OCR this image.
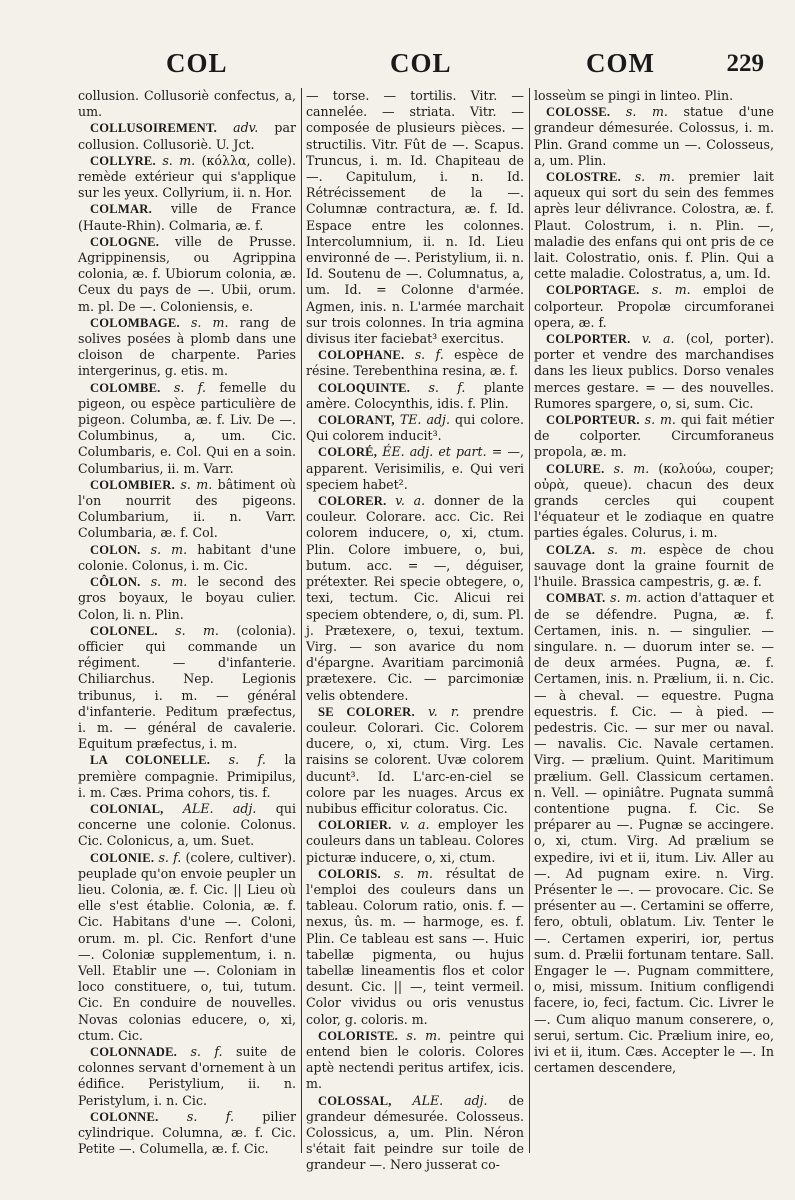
COL	COL	COM	229

collusion. Collusoriè confectus, a, um.

COLLUSOIREMENT. adv. par collusion. Collusoriè. U. Jct.

COLLYRE. s. m. (κόλλα, colle). remède extérieur qui s'applique sur les yeux. Collyrium, ii. n. Hor.

COLMAR. ville de France (Haute-Rhin). Colmaria, æ. f.

COLOGNE. ville de Prusse. Agrippinensis, ou Agrippina colonia, æ. f. Ubiorum colonia, æ. Ceux du pays de —. Ubii, orum. m. pl. De —. Coloniensis, e.

COLOMBAGE. s. m. rang de solives posées à plomb dans une cloison de charpente. Paries intergerinus, g. etis. m.

COLOMBE. s. f. femelle du pigeon, ou espèce particulière de pigeon. Columba, æ. f. Liv. De —. Columbinus, a, um. Cic. Columbaris, e. Col. Qui en a soin. Columbarius, ii. m. Varr.

COLOMBIER. s. m. bâtiment où l'on nourrit des pigeons. Columbarium, ii. n. Varr. Columbaria, æ. f. Col.

COLON. s. m. habitant d'une colonie. Colonus, i. m. Cic.

CÔLON. s. m. le second des gros boyaux, le boyau culier. Colon, li. n. Plin.

COLONEL. s. m. (colonia). officier qui commande un régiment. — d'infanterie. Chiliarchus. Nep. Legionis tribunus, i. m. — général d'infanterie. Peditum præfectus, i. m. — général de cavalerie. Equitum præfectus, i. m.

LA COLONELLE. s. f. la première compagnie. Primipilus, i. m. Cæs. Prima cohors, tis. f.

COLONIAL, ALE. adj. qui concerne une colonie. Colonus. Cic. Colonicus, a, um. Suet.

COLONIE. s. f. (colere, cultiver). peuplade qu'on envoie peupler un lieu. Colonia, æ. f. Cic. || Lieu où elle s'est établie. Colonia, æ. f. Cic. Habitans d'une —. Coloni, orum. m. pl. Cic. Renfort d'une —. Coloniæ supplementum, i. n. Vell. Etablir une —. Coloniam in loco constituere, o, tui, tutum. Cic. En conduire de nouvelles. Novas colonias educere, o, xi, ctum. Cic.

COLONNADE. s. f. suite de colonnes servant d'ornement à un édifice. Peristylium, ii. n. Peristylum, i. n. Cic.

COLONNE. s. f. pilier cylindrique. Columna, æ. f. Cic. Petite —. Columella, æ. f. Cic.

— torse. — tortilis. Vitr. — cannelée. — striata. Vitr. — composée de plusieurs pièces. — structilis. Vitr. Fût de —. Scapus. Truncus, i. m. Id. Chapiteau de —. Capitulum, i. n. Id. Rétrécissement de la —. Columnæ contractura, æ. f. Id. Espace entre les colonnes. Intercolumnium, ii. n. Id. Lieu environné de —. Peristylium, ii. n. Id. Soutenu de —. Columnatus, a, um. Id. = Colonne d'armée. Agmen, inis. n. L'armée marchait sur trois colonnes. In tria agmina divisus iter faciebat³ exercitus.

COLOPHANE. s. f. espèce de résine. Terebenthina resina, æ. f.

COLOQUINTE. s. f. plante amère. Colocynthis, idis. f. Plin.

COLORANT, TE. adj. qui colore. Qui colorem inducit³.

COLORÉ, ÉE. adj. et part. = —, apparent. Verisimilis, e. Qui veri speciem habet².

COLORER. v. a. donner de la couleur. Colorare. acc. Cic. Rei colorem inducere, o, xi, ctum. Plin. Colore imbuere, o, bui, butum. acc. = —, déguiser, prétexter. Rei specie obtegere, o, texi, tectum. Cic. Alicui rei speciem obtendere, o, di, sum. Pl. j. Prætexere, o, texui, textum. Virg. — son avarice du nom d'épargne. Avaritiam parcimoniâ prætexere. Cic. — parcimoniæ velis obtendere.

SE COLORER. v. r. prendre couleur. Colorari. Cic. Colorem ducere, o, xi, ctum. Virg. Les raisins se colorent. Uvæ colorem ducunt³. Id. L'arc-en-ciel se colore par les nuages. Arcus ex nubibus efficitur coloratus. Cic.

COLORIER. v. a. employer les couleurs dans un tableau. Colores picturæ inducere, o, xi, ctum.

COLORIS. s. m. résultat de l'emploi des couleurs dans un tableau. Colorum ratio, onis. f. — nexus, ûs. m. — harmoge, es. f. Plin. Ce tableau est sans —. Huic tabellæ pigmenta, ou hujus tabellæ lineamentis flos et color desunt. Cic. || —, teint vermeil. Color vividus ou oris venustus color, g. coloris. m.

COLORISTE. s. m. peintre qui entend bien le coloris. Colores aptè nectendi peritus artifex, icis. m.

COLOSSAL, ALE. adj. de grandeur démesurée. Colosseus. Colossicus, a, um. Plin. Néron s'était fait peindre sur toile de grandeur —. Nero jusserat co-

losseùm se pingi in linteo. Plin.

COLOSSE. s. m. statue d'une grandeur démesurée. Colossus, i. m. Plin. Grand comme un —. Colosseus, a, um. Plin.

COLOSTRE. s. m. premier lait aqueux qui sort du sein des femmes après leur délivrance. Colostra, æ. f. Plaut. Colostrum, i. n. Plin. —, maladie des enfans qui ont pris de ce lait. Colostratio, onis. f. Plin. Qui a cette maladie. Colostratus, a, um. Id.

COLPORTAGE. s. m. emploi de colporteur. Propolæ circumforanei opera, æ. f.

COLPORTER. v. a. (col, porter). porter et vendre des marchandises dans les lieux publics. Dorso venales merces gestare. = — des nouvelles. Rumores spargere, o, si, sum. Cic.

COLPORTEUR. s. m. qui fait métier de colporter. Circumforaneus propola, æ. m.

COLURE. s. m. (κολούω, couper; οὐρὰ, queue). chacun des deux grands cercles qui coupent l'équateur et le zodiaque en quatre parties égales. Colurus, i. m.

COLZA. s. m. espèce de chou sauvage dont la graine fournit de l'huile. Brassica campestris, g. æ. f.

COMBAT. s. m. action d'attaquer et de se défendre. Pugna, æ. f. Certamen, inis. n. — singulier. — singulare. n. — duorum inter se. — de deux armées. Pugna, æ. f. Certamen, inis. n. Prælium, ii. n. Cic. — à cheval. — equestre. Pugna equestris. f. Cic. — à pied. — pedestris. Cic. — sur mer ou naval. — navalis. Cic. Navale certamen. Virg. — prælium. Quint. Maritimum prælium. Gell. Classicum certamen. n. Vell. — opiniâtre. Pugnata summâ contentione pugna. f. Cic. Se préparer au —. Pugnæ se accingere. o, xi, ctum. Virg. Ad prælium se expedire, ivi et ii, itum. Liv. Aller au —. Ad pugnam exire. n. Virg. Présenter le —. — provocare. Cic. Se présenter au —. Certamini se offerre, fero, obtuli, oblatum. Liv. Tenter le —. Certamen experiri, ior, pertus sum. d. Prælii fortunam tentare. Sall. Engager le —. Pugnam committere, o, misi, missum. Initium confligendi facere, io, feci, factum. Cic. Livrer le —. Cum aliquo manum conserere, o, serui, sertum. Cic. Prælium inire, eo, ivi et ii, itum. Cæs. Accepter le —. In certamen descendere,
